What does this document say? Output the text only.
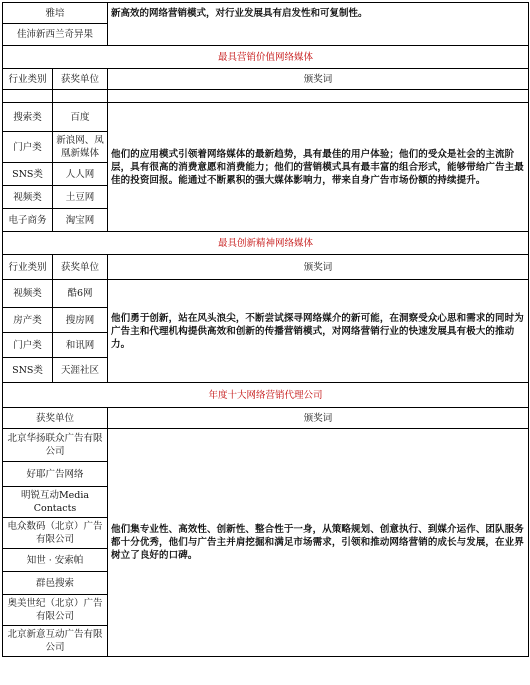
雅培		新高效的网络营销模式，对行业发展具有启发性和可复制性。
佳沛新西兰奇异果		
最具营销价值网络媒体		
行业类别	获奖单位	颁奖词

搜索类	百度	他们的应用模式引领着网络媒体的最新趋势，具有最佳的用户体验；他们的受众是社会的主流阶层，具有很高的消费意愿和消费能力；他们的营销模式具有最丰富的组合形式，能够带给广告主最佳的投资回报。能通过不断累积的强大媒体影响力，带来自身广告市场份额的持续提升。
门户类	新浪网、凤凰新媒体	
SNS类	人人网	
视频类	土豆网	
电子商务	淘宝网	
最具创新精神网络媒体		
行业类别	获奖单位	颁奖词
视频类	酷6网	他们勇于创新，站在风头浪尖，不断尝试探寻网络媒介的新可能，在洞察受众心思和需求的同时为广告主和代理机构提供高效和创新的传播营销模式，对网络营销行业的快速发展具有极大的推动力。
房产类	搜房网	
门户类	和讯网	
SNS类	天涯社区	
年度十大网络营销代理公司		
获奖单位		颁奖词
北京华扬联众广告有限公司		他们集专业性、高效性、创新性、整合性于一身，从策略规划、创意执行、到媒介运作、团队服务都十分优秀，他们与广告主并肩挖掘和满足市场需求，引领和推动网络营销的成长与发展，在业界树立了良好的口碑。
好耶广告网络		
明锐互动Media Contacts		
电众数码（北京）广告有限公司		
知世 · 安索帕		
群邑搜索		
奥美世纪（北京）广告有限公司		
北京新意互动广告有限公司		
